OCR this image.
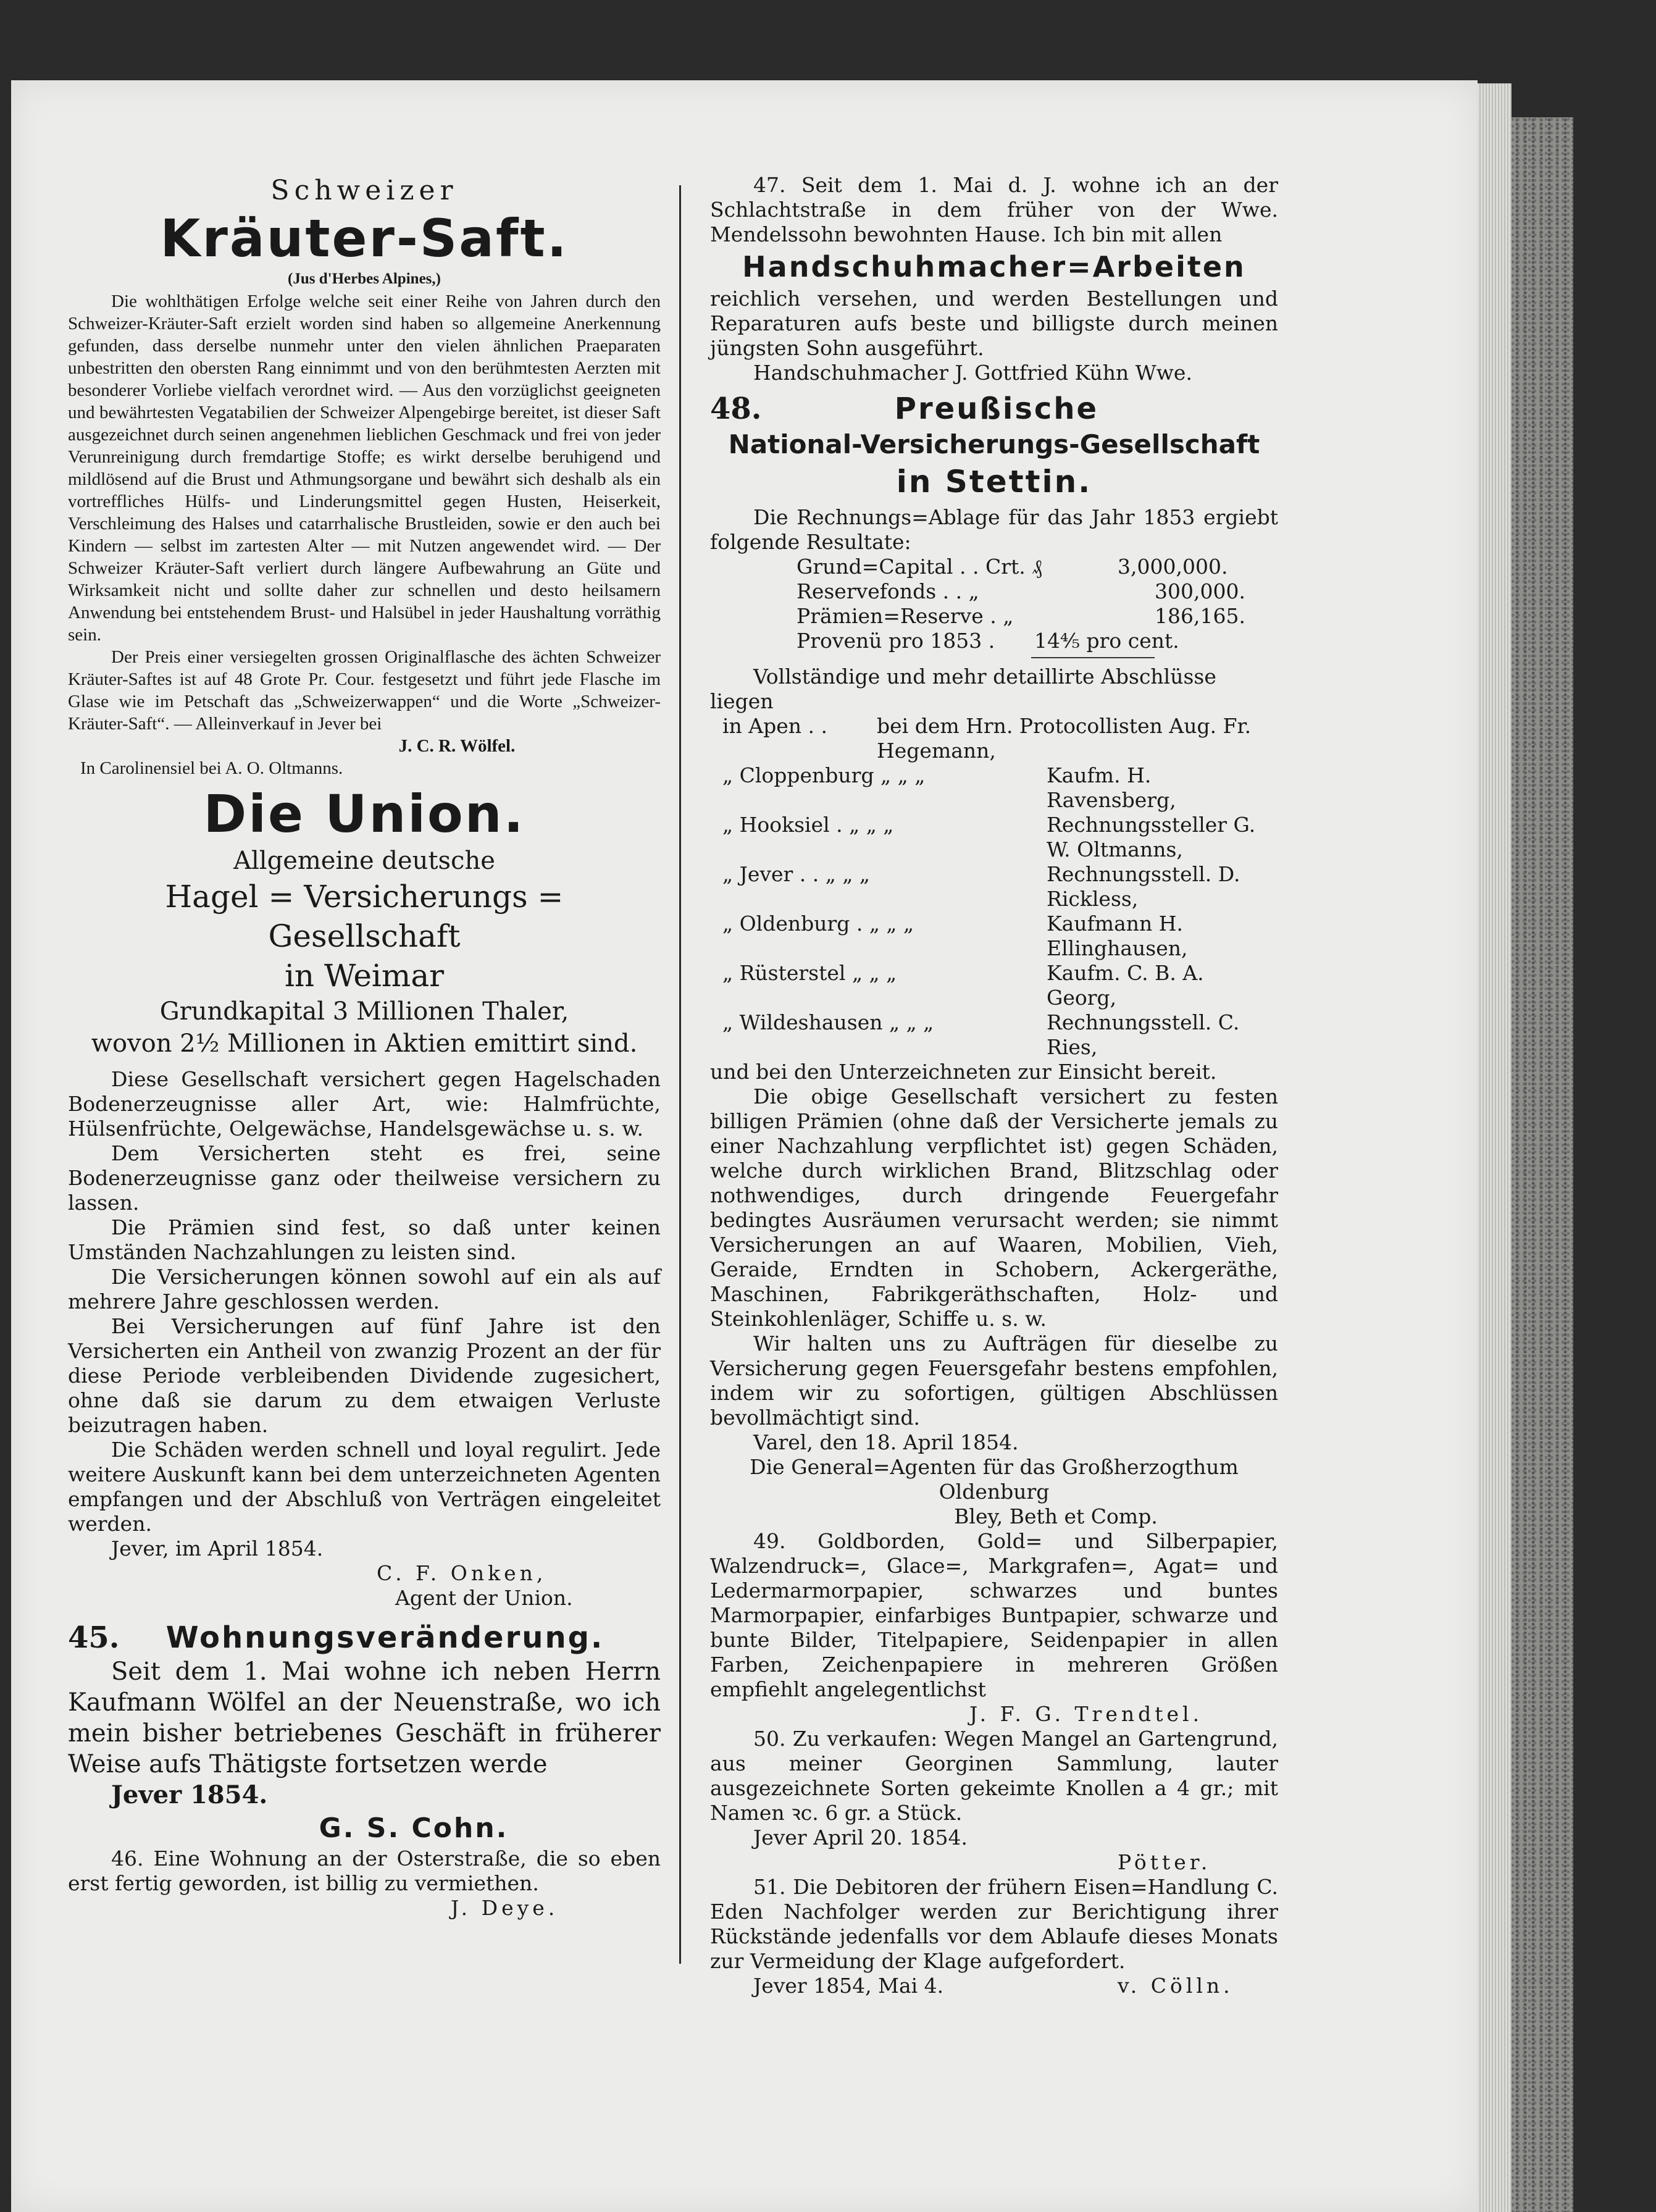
Schweizer

Kräuter-Saft.

(Jus d'Herbes Alpines,)

Die wohlthätigen Erfolge welche seit einer Reihe von Jahren durch den Schweizer-Kräuter-Saft erzielt worden sind haben so allgemeine Anerkennung gefunden, dass derselbe nunmehr unter den vielen ähnlichen Praeparaten unbestritten den obersten Rang einnimmt und von den berühmtesten Aerzten mit besonderer Vorliebe vielfach verordnet wird. — Aus den vorzüglichst geeigneten und bewährtesten Vegatabilien der Schweizer Alpengebirge bereitet, ist dieser Saft ausgezeichnet durch seinen angenehmen lieblichen Geschmack und frei von jeder Verunreinigung durch fremdartige Stoffe; es wirkt derselbe beruhigend und mildlösend auf die Brust und Athmungsorgane und bewährt sich deshalb als ein vortreffliches Hülfs- und Linderungsmittel gegen Husten, Heiserkeit, Verschleimung des Halses und catarrhalische Brustleiden, sowie er den auch bei Kindern — selbst im zartesten Alter — mit Nutzen angewendet wird. — Der Schweizer Kräuter-Saft verliert durch längere Aufbewahrung an Güte und Wirksamkeit nicht und sollte daher zur schnellen und desto heilsamern Anwendung bei entstehendem Brust- und Halsübel in jeder Haushaltung vorräthig sein.

Der Preis einer versiegelten grossen Originalflasche des ächten Schweizer Kräuter-Saftes ist auf 48 Grote Pr. Cour. festgesetzt und führt jede Flasche im Glase wie im Petschaft das „Schweizerwappen“ und die Worte „Schweizer-Kräuter-Saft“. — Alleinverkauf in Jever bei

J. C. R. Wölfel.

In Carolinensiel bei A. O. Oltmanns.

Die Union.

Allgemeine deutsche

Hagel = Versicherungs = Gesellschaft

in Weimar

Grundkapital 3 Millionen Thaler,

wovon 2½ Millionen in Aktien emittirt sind.

Diese Gesellschaft versichert gegen Hagelschaden Bodenerzeugnisse aller Art, wie: Halmfrüchte, Hülsenfrüchte, Oelgewächse, Handelsgewächse u. s. w.

Dem Versicherten steht es frei, seine Bodenerzeugnisse ganz oder theilweise versichern zu lassen.

Die Prämien sind fest, so daß unter keinen Umständen Nachzahlungen zu leisten sind.

Die Versicherungen können sowohl auf ein als auf mehrere Jahre geschlossen werden.

Bei Versicherungen auf fünf Jahre ist den Versicherten ein Antheil von zwanzig Prozent an der für diese Periode verbleibenden Dividende zugesichert, ohne daß sie darum zu dem etwaigen Verluste beizutragen haben.

Die Schäden werden schnell und loyal regulirt. Jede weitere Auskunft kann bei dem unterzeichneten Agenten empfangen und der Abschluß von Verträgen eingeleitet werden.

Jever, im April 1854.

C. F. Onken,

Agent der Union.

45. Wohnungsveränderung.

Seit dem 1. Mai wohne ich neben Herrn Kaufmann Wölfel an der Neuenstraße, wo ich mein bisher betriebenes Geschäft in früherer Weise aufs Thätigste fortsetzen werde

Jever 1854.

G. S. Cohn.

46. Eine Wohnung an der Osterstraße, die so eben erst fertig geworden, ist billig zu vermiethen.

J. Deye.

47. Seit dem 1. Mai d. J. wohne ich an der Schlachtstraße in dem früher von der Wwe. Mendelssohn bewohnten Hause. Ich bin mit allen

Handschuhmacher=Arbeiten

reichlich versehen, und werden Bestellungen und Reparaturen aufs beste und billigste durch meinen jüngsten Sohn ausgeführt.

Handschuhmacher J. Gottfried Kühn Wwe.

48.	Preußische

National-Versicherungs-Gesellschaft

in Stettin.

Die Rechnungs=Ablage für das Jahr 1853 ergiebt folgende Resultate:

Grund=Capital . . Crt. ₰	3,000,000.
Reservefonds . . „	300,000.
Prämien=Reserve . „	186,165.
Provenü pro 1853 .	14⁴⁄₅ pro cent.

Vollständige und mehr detaillirte Abschlüsse liegen

in Apen . .	bei dem Hrn. Protocollisten Aug. Fr. Hegemann,
„ Cloppenburg „ „ „	Kaufm. H. Ravensberg,
„ Hooksiel . „ „ „	Rechnungssteller G. W. Oltmanns,
„ Jever . . „ „ „	Rechnungsstell. D. Rickless,
„ Oldenburg . „ „ „	Kaufmann H. Ellinghausen,
„ Rüsterstel „ „ „	Kaufm. C. B. A. Georg,
„ Wildeshausen „ „ „	Rechnungsstell. C. Ries,

und bei den Unterzeichneten zur Einsicht bereit.

Die obige Gesellschaft versichert zu festen billigen Prämien (ohne daß der Versicherte jemals zu einer Nachzahlung verpflichtet ist) gegen Schäden, welche durch wirklichen Brand, Blitzschlag oder nothwendiges, durch dringende Feuergefahr bedingtes Ausräumen verursacht werden; sie nimmt Versicherungen an auf Waaren, Mobilien, Vieh, Geraide, Erndten in Schobern, Ackergeräthe, Maschinen, Fabrikgeräthschaften, Holz- und Steinkohlenläger, Schiffe u. s. w.

Wir halten uns zu Aufträgen für dieselbe zu Versicherung gegen Feuersgefahr bestens empfohlen, indem wir zu sofortigen, gültigen Abschlüssen bevollmächtigt sind.

Varel, den 18. April 1854.

Die General=Agenten für das Großherzogthum

Oldenburg

Bley, Beth et Comp.

49. Goldborden, Gold= und Silberpapier, Walzendruck=, Glace=, Markgrafen=, Agat= und Ledermarmorpapier, schwarzes und buntes Marmorpapier, einfarbiges Buntpapier, schwarze und bunte Bilder, Titelpapiere, Seidenpapier in allen Farben, Zeichenpapiere in mehreren Größen empfiehlt angelegentlichst

J. F. G. Trendtel.

50. Zu verkaufen: Wegen Mangel an Gartengrund, aus meiner Georginen Sammlung, lauter ausgezeichnete Sorten gekeimte Knollen a 4 gr.; mit Namen ꝛc. 6 gr. a Stück.

Jever April 20. 1854.

Pötter.

51. Die Debitoren der frühern Eisen=Handlung C. Eden Nachfolger werden zur Berichtigung ihrer Rückstände jedenfalls vor dem Ablaufe dieses Monats zur Vermeidung der Klage aufgefordert.

Jever 1854, Mai 4.	v. Cölln.
